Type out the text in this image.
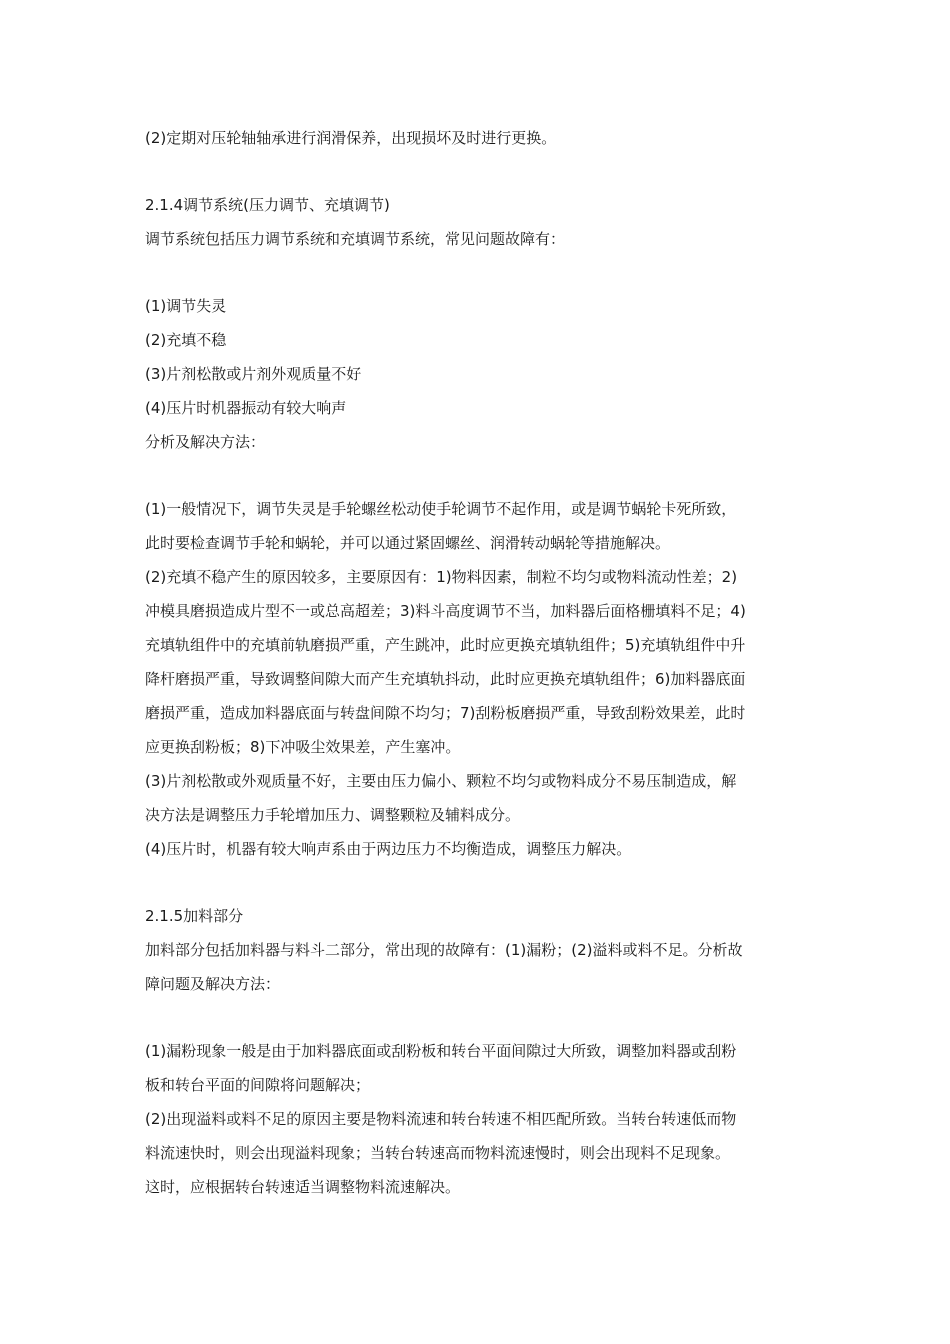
(2)定期对压轮轴轴承进行润滑保养，出现损坏及时进行更换。

2.1.4调节系统(压力调节、充填调节)

调节系统包括压力调节系统和充填调节系统，常见问题故障有：

(1)调节失灵

(2)充填不稳

(3)片剂松散或片剂外观质量不好

(4)压片时机器振动有较大响声

分析及解决方法：

(1)一般情况下，调节失灵是手轮螺丝松动使手轮调节不起作用，或是调节蜗轮卡死所致，

此时要检查调节手轮和蜗轮，并可以通过紧固螺丝、润滑转动蜗轮等措施解决。

(2)充填不稳产生的原因较多，主要原因有：1)物料因素，制粒不均匀或物料流动性差；2)

冲模具磨损造成片型不一或总高超差；3)料斗高度调节不当，加料器后面格栅填料不足；4)

充填轨组件中的充填前轨磨损严重，产生跳冲，此时应更换充填轨组件；5)充填轨组件中升

降杆磨损严重，导致调整间隙大而产生充填轨抖动，此时应更换充填轨组件；6)加料器底面

磨损严重，造成加料器底面与转盘间隙不均匀；7)刮粉板磨损严重，导致刮粉效果差，此时

应更换刮粉板；8)下冲吸尘效果差，产生塞冲。

(3)片剂松散或外观质量不好，主要由压力偏小、颗粒不均匀或物料成分不易压制造成，解

决方法是调整压力手轮增加压力、调整颗粒及辅料成分。

(4)压片时，机器有较大响声系由于两边压力不均衡造成，调整压力解决。

2.1.5加料部分

加料部分包括加料器与料斗二部分，常出现的故障有：(1)漏粉；(2)溢料或料不足。分析故

障问题及解决方法：

(1)漏粉现象一般是由于加料器底面或刮粉板和转台平面间隙过大所致，调整加料器或刮粉

板和转台平面的间隙将问题解决；

(2)出现溢料或料不足的原因主要是物料流速和转台转速不相匹配所致。当转台转速低而物

料流速快时，则会出现溢料现象；当转台转速高而物料流速慢时，则会出现料不足现象。

这时，应根据转台转速适当调整物料流速解决。
